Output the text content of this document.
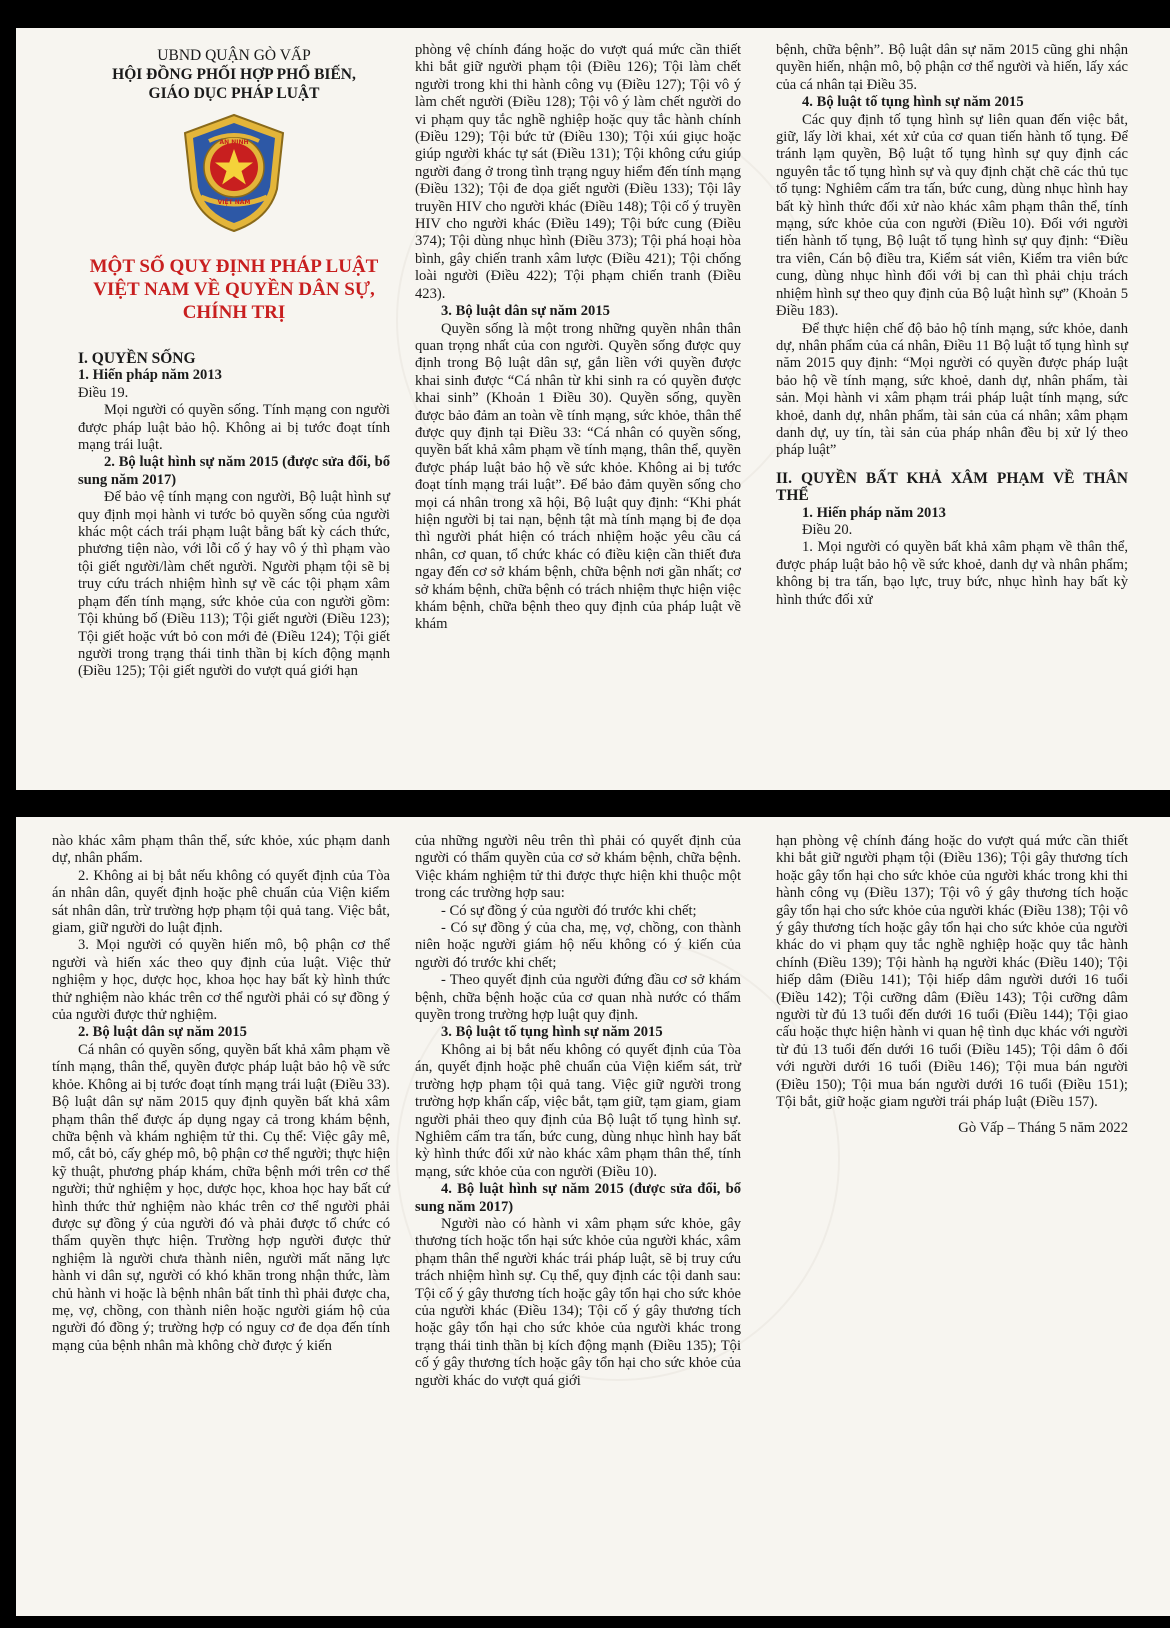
UBND QUẬN GÒ VẤP
HỘI ĐỒNG PHỐI HỢP PHỔ BIẾN,
GIÁO DỤC PHÁP LUẬT
AN NINH
VIỆT NAM
MỘT SỐ QUY ĐỊNH PHÁP LUẬT
VIỆT NAM VỀ QUYỀN DÂN SỰ,
CHÍNH TRỊ

I. QUYỀN SỐNG

1. Hiến pháp năm 2013

Điều 19.

Mọi người có quyền sống. Tính mạng con người được pháp luật bảo hộ. Không ai bị tước đoạt tính mạng trái luật.

2. Bộ luật hình sự năm 2015 (được sửa đổi, bổ sung năm 2017)

Để bảo vệ tính mạng con người, Bộ luật hình sự quy định mọi hành vi tước bỏ quyền sống của người khác một cách trái phạm luật bằng bất kỳ cách thức, phương tiện nào, với lỗi cố ý hay vô ý thì phạm vào tội giết người/làm chết người. Người phạm tội sẽ bị truy cứu trách nhiệm hình sự về các tội phạm xâm phạm đến tính mạng, sức khỏe của con người gồm: Tội khủng bố (Điều 113); Tội giết người (Điều 123); Tội giết hoặc vứt bỏ con mới đẻ (Điều 124); Tội giết người trong trạng thái tinh thần bị kích động mạnh (Điều 125); Tội giết người do vượt quá giới hạn

phòng vệ chính đáng hoặc do vượt quá mức cần thiết khi bắt giữ người phạm tội (Điều 126); Tội làm chết người trong khi thi hành công vụ (Điều 127); Tội vô ý làm chết người (Điều 128); Tội vô ý làm chết người do vi phạm quy tắc nghề nghiệp hoặc quy tắc hành chính (Điều 129); Tội bức tử (Điều 130); Tội xúi giục hoặc giúp người khác tự sát (Điều 131); Tội không cứu giúp người đang ở trong tình trạng nguy hiểm đến tính mạng (Điều 132); Tội đe dọa giết người (Điều 133); Tội lây truyền HIV cho người khác (Điều 148); Tội cố ý truyền HIV cho người khác (Điều 149); Tội bức cung (Điều 374); Tội dùng nhục hình (Điều 373); Tội phá hoại hòa bình, gây chiến tranh xâm lược (Điều 421); Tội chống loài người (Điều 422); Tội phạm chiến tranh (Điều 423).

3. Bộ luật dân sự năm 2015

Quyền sống là một trong những quyền nhân thân quan trọng nhất của con người. Quyền sống được quy định trong Bộ luật dân sự, gắn liền với quyền được khai sinh được “Cá nhân từ khi sinh ra có quyền được khai sinh” (Khoản 1 Điều 30). Quyền sống, quyền được bảo đảm an toàn về tính mạng, sức khỏe, thân thể được quy định tại Điều 33: “Cá nhân có quyền sống, quyền bất khả xâm phạm về tính mạng, thân thể, quyền được pháp luật bảo hộ về sức khỏe. Không ai bị tước đoạt tính mạng trái luật”. Để bảo đảm quyền sống cho mọi cá nhân trong xã hội, Bộ luật quy định: “Khi phát hiện người bị tai nạn, bệnh tật mà tính mạng bị đe dọa thì người phát hiện có trách nhiệm hoặc yêu cầu cá nhân, cơ quan, tổ chức khác có điều kiện cần thiết đưa ngay đến cơ sở khám bệnh, chữa bệnh nơi gần nhất; cơ sở khám bệnh, chữa bệnh có trách nhiệm thực hiện việc khám bệnh, chữa bệnh theo quy định của pháp luật về khám

bệnh, chữa bệnh”. Bộ luật dân sự năm 2015 cũng ghi nhận quyền hiến, nhận mô, bộ phận cơ thể người và hiến, lấy xác của cá nhân tại Điều 35.

4. Bộ luật tố tụng hình sự năm 2015

Các quy định tố tụng hình sự liên quan đến việc bắt, giữ, lấy lời khai, xét xử của cơ quan tiến hành tố tụng. Để tránh lạm quyền, Bộ luật tố tụng hình sự quy định các nguyên tắc tố tụng hình sự và quy định chặt chẽ các thủ tục tố tụng: Nghiêm cấm tra tấn, bức cung, dùng nhục hình hay bất kỳ hình thức đối xử nào khác xâm phạm thân thể, tính mạng, sức khỏe của con người (Điều 10). Đối với người tiến hành tố tụng, Bộ luật tố tụng hình sự quy định: “Điều tra viên, Cán bộ điều tra, Kiểm sát viên, Kiểm tra viên bức cung, dùng nhục hình đối với bị can thì phải chịu trách nhiệm hình sự theo quy định của Bộ luật hình sự” (Khoản 5 Điều 183).

Để thực hiện chế độ bảo hộ tính mạng, sức khỏe, danh dự, nhân phẩm của cá nhân, Điều 11 Bộ luật tố tụng hình sự năm 2015 quy định: “Mọi người có quyền được pháp luật bảo hộ về tính mạng, sức khoẻ, danh dự, nhân phẩm, tài sản. Mọi hành vi xâm phạm trái pháp luật tính mạng, sức khoẻ, danh dự, nhân phẩm, tài sản của cá nhân; xâm phạm danh dự, uy tín, tài sản của pháp nhân đều bị xử lý theo pháp luật”

II. QUYỀN BẤT KHẢ XÂM PHẠM VỀ THÂN THỂ

1. Hiến pháp năm 2013

Điều 20.

1. Mọi người có quyền bất khả xâm phạm về thân thể, được pháp luật bảo hộ về sức khoẻ, danh dự và nhân phẩm; không bị tra tấn, bạo lực, truy bức, nhục hình hay bất kỳ hình thức đối xử

nào khác xâm phạm thân thể, sức khỏe, xúc phạm danh dự, nhân phẩm.

2. Không ai bị bắt nếu không có quyết định của Tòa án nhân dân, quyết định hoặc phê chuẩn của Viện kiểm sát nhân dân, trừ trường hợp phạm tội quả tang. Việc bắt, giam, giữ người do luật định.

3. Mọi người có quyền hiến mô, bộ phận cơ thể người và hiến xác theo quy định của luật. Việc thử nghiệm y học, dược học, khoa học hay bất kỳ hình thức thử nghiệm nào khác trên cơ thể người phải có sự đồng ý của người được thử nghiệm.

2. Bộ luật dân sự năm 2015

Cá nhân có quyền sống, quyền bất khả xâm phạm về tính mạng, thân thể, quyền được pháp luật bảo hộ về sức khỏe. Không ai bị tước đoạt tính mạng trái luật (Điều 33). Bộ luật dân sự năm 2015 quy định quyền bất khả xâm phạm thân thể được áp dụng ngay cả trong khám bệnh, chữa bệnh và khám nghiệm tử thi. Cụ thể: Việc gây mê, mổ, cắt bỏ, cấy ghép mô, bộ phận cơ thể người; thực hiện kỹ thuật, phương pháp khám, chữa bệnh mới trên cơ thể người; thử nghiệm y học, dược học, khoa học hay bất cứ hình thức thử nghiệm nào khác trên cơ thể người phải được sự đồng ý của người đó và phải được tổ chức có thẩm quyền thực hiện. Trường hợp người được thử nghiệm là người chưa thành niên, người mất năng lực hành vi dân sự, người có khó khăn trong nhận thức, làm chủ hành vi hoặc là bệnh nhân bất tỉnh thì phải được cha, mẹ, vợ, chồng, con thành niên hoặc người giám hộ của người đó đồng ý; trường hợp có nguy cơ đe dọa đến tính mạng của bệnh nhân mà không chờ được ý kiến

của những người nêu trên thì phải có quyết định của người có thẩm quyền của cơ sở khám bệnh, chữa bệnh. Việc khám nghiệm tử thi được thực hiện khi thuộc một trong các trường hợp sau:

- Có sự đồng ý của người đó trước khi chết;

- Có sự đồng ý của cha, mẹ, vợ, chồng, con thành niên hoặc người giám hộ nếu không có ý kiến của người đó trước khi chết;

- Theo quyết định của người đứng đầu cơ sở khám bệnh, chữa bệnh hoặc của cơ quan nhà nước có thẩm quyền trong trường hợp luật quy định.

3. Bộ luật tố tụng hình sự năm 2015

Không ai bị bắt nếu không có quyết định của Tòa án, quyết định hoặc phê chuẩn của Viện kiểm sát, trừ trường hợp phạm tội quả tang. Việc giữ người trong trường hợp khẩn cấp, việc bắt, tạm giữ, tạm giam, giam người phải theo quy định của Bộ luật tố tụng hình sự. Nghiêm cấm tra tấn, bức cung, dùng nhục hình hay bất kỳ hình thức đối xử nào khác xâm phạm thân thể, tính mạng, sức khỏe của con người (Điều 10).

4. Bộ luật hình sự năm 2015 (được sửa đổi, bổ sung năm 2017)

Người nào có hành vi xâm phạm sức khỏe, gây thương tích hoặc tổn hại sức khỏe của người khác, xâm phạm thân thể người khác trái pháp luật, sẽ bị truy cứu trách nhiệm hình sự. Cụ thể, quy định các tội danh sau: Tội cố ý gây thương tích hoặc gây tổn hại cho sức khỏe của người khác (Điều 134); Tội cố ý gây thương tích hoặc gây tổn hại cho sức khỏe của người khác trong trạng thái tinh thần bị kích động mạnh (Điều 135); Tội cố ý gây thương tích hoặc gây tổn hại cho sức khỏe của người khác do vượt quá giới

hạn phòng vệ chính đáng hoặc do vượt quá mức cần thiết khi bắt giữ người phạm tội (Điều 136); Tội gây thương tích hoặc gây tổn hại cho sức khỏe của người khác trong khi thi hành công vụ (Điều 137); Tội vô ý gây thương tích hoặc gây tổn hại cho sức khỏe của người khác (Điều 138); Tội vô ý gây thương tích hoặc gây tổn hại cho sức khỏe của người khác do vi phạm quy tắc nghề nghiệp hoặc quy tắc hành chính (Điều 139); Tội hành hạ người khác (Điều 140); Tội hiếp dâm (Điều 141); Tội hiếp dâm người dưới 16 tuổi (Điều 142); Tội cưỡng dâm (Điều 143); Tội cưỡng dâm người từ đủ 13 tuổi đến dưới 16 tuổi (Điều 144); Tội giao cấu hoặc thực hiện hành vi quan hệ tình dục khác với người từ đủ 13 tuổi đến dưới 16 tuổi (Điều 145); Tội dâm ô đối với người dưới 16 tuổi (Điều 146); Tội mua bán người (Điều 150); Tội mua bán người dưới 16 tuổi (Điều 151); Tội bắt, giữ hoặc giam người trái pháp luật (Điều 157).

Gò Vấp – Tháng 5 năm 2022
